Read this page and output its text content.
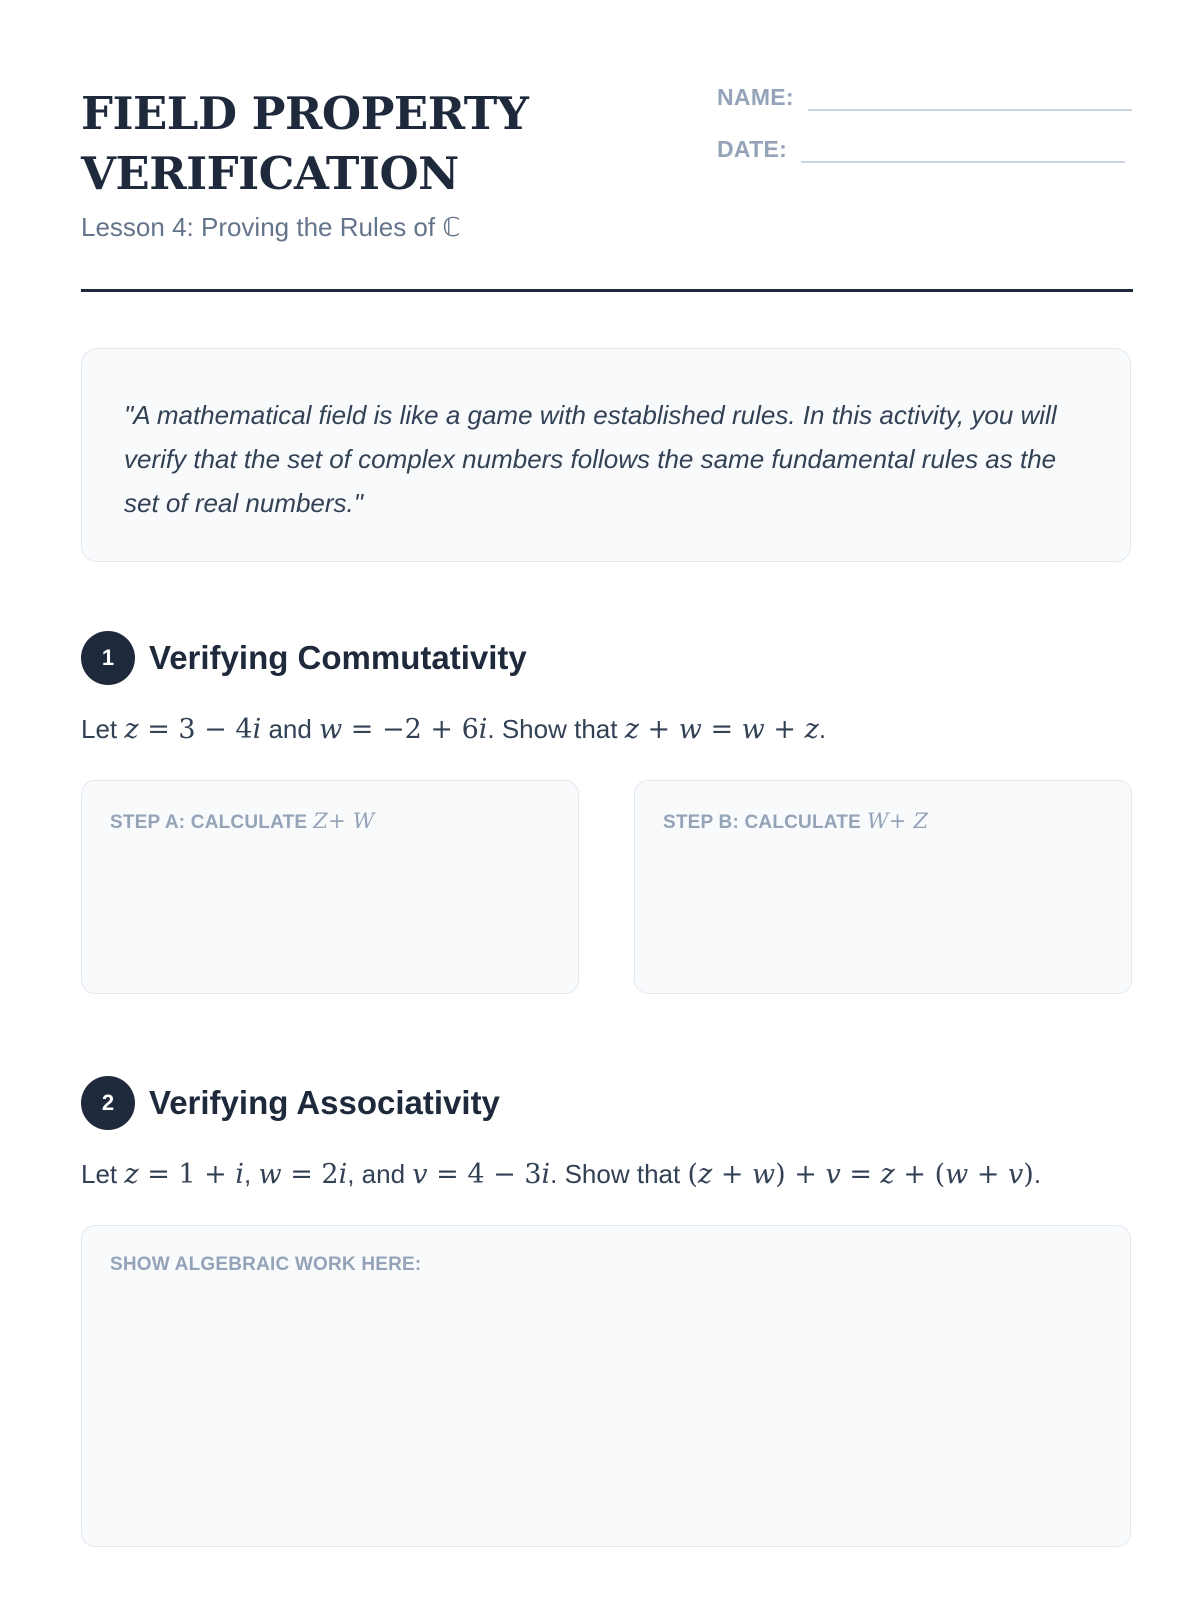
FIELD PROPERTY
VERIFICATION

Lesson 4: Proving the Rules of ℂ

NAME:
DATE:

"A mathematical field is like a game with established rules. In this activity, you will verify that the set of complex numbers follows the same fundamental rules as the set of real numbers."

1	Verifying Commutativity

Let z = 3 − 4i and w = −2 + 6i. Show that z + w = w + z.

STEP A: CALCULATE Z+ W	STEP B: CALCULATE W+ Z
2	Verifying Associativity

Let z = 1 + i, w = 2i, and v = 4 − 3i. Show that (z + w) + v = z + (w + v).

SHOW ALGEBRAIC WORK HERE:
